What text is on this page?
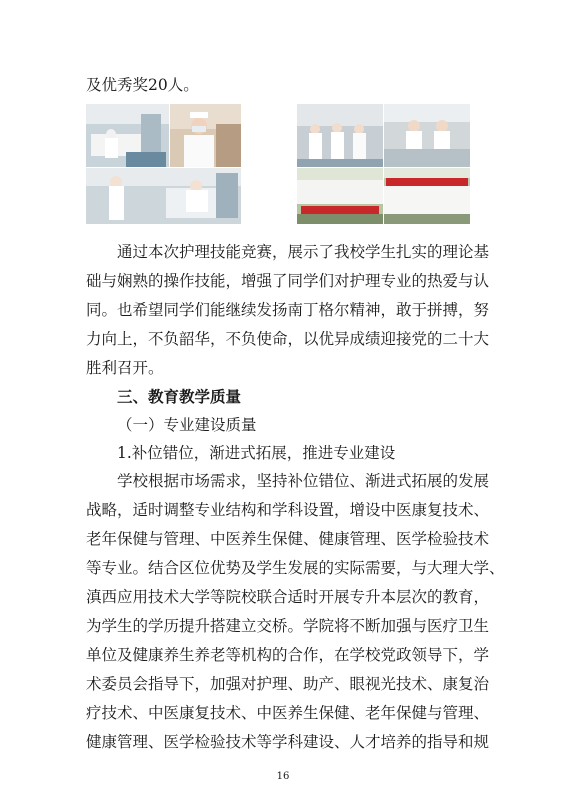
及优秀奖20人。
通过本次护理技能竞赛，展示了我校学生扎实的理论基
础与娴熟的操作技能，增强了同学们对护理专业的热爱与认
同。也希望同学们能继续发扬南丁格尔精神，敢于拼搏，努
力向上，不负韶华，不负使命，以优异成绩迎接党的二十大
胜利召开。
三、教育教学质量
（一）专业建设质量
1.补位错位，渐进式拓展，推进专业建设
学校根据市场需求，坚持补位错位、渐进式拓展的发展
战略，适时调整专业结构和学科设置，增设中医康复技术、
老年保健与管理、中医养生保健、健康管理、医学检验技术
等专业。结合区位优势及学生发展的实际需要，与大理大学、
滇西应用技术大学等院校联合适时开展专升本层次的教育，
为学生的学历提升搭建立交桥。学院将不断加强与医疗卫生
单位及健康养生养老等机构的合作，在学校党政领导下，学
术委员会指导下，加强对护理、助产、眼视光技术、康复治
疗技术、中医康复技术、中医养生保健、老年保健与管理、
健康管理、医学检验技术等学科建设、人才培养的指导和规
16
